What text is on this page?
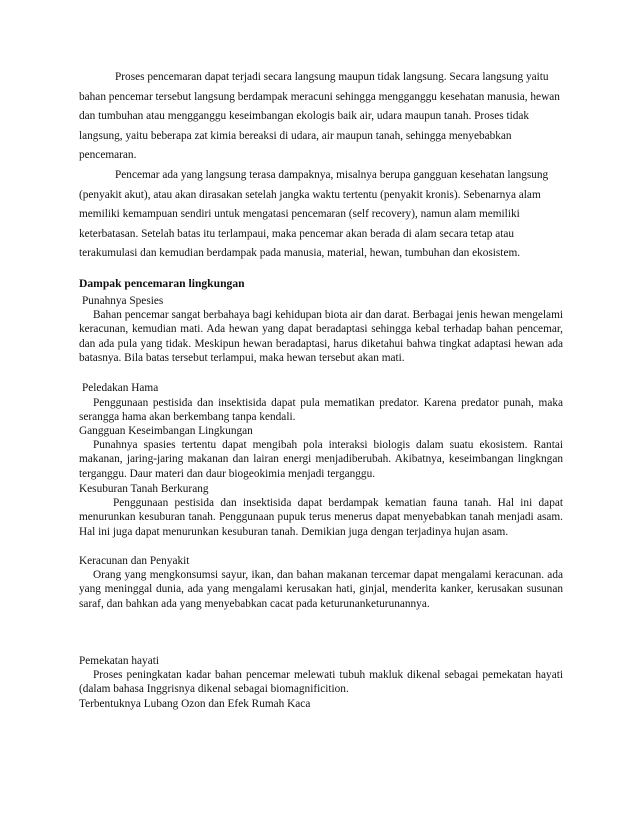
Proses pencemaran dapat terjadi secara langsung maupun tidak langsung. Secara langsung yaitu bahan pencemar tersebut langsung berdampak meracuni sehingga mengganggu kesehatan manusia, hewan dan tumbuhan atau mengganggu keseimbangan ekologis baik air, udara maupun tanah. Proses tidak langsung, yaitu beberapa zat kimia bereaksi di udara, air maupun tanah, sehingga menyebabkan pencemaran.

Pencemar ada yang langsung terasa dampaknya, misalnya berupa gangguan kesehatan langsung (penyakit akut), atau akan dirasakan setelah jangka waktu tertentu (penyakit kronis). Sebenarnya alam memiliki kemampuan sendiri untuk mengatasi pencemaran (self recovery), namun alam memiliki keterbatasan. Setelah batas itu terlampaui, maka pencemar akan berada di alam secara tetap atau terakumulasi dan kemudian berdampak pada manusia, material, hewan, tumbuhan dan ekosistem.

Dampak pencemaran lingkungan
Punahnya Spesies

Bahan pencemar sangat berbahaya bagi kehidupan biota air dan darat. Berbagai jenis hewan mengelami keracunan, kemudian mati. Ada hewan yang dapat beradaptasi sehingga kebal terhadap bahan pencemar, dan ada pula yang tidak. Meskipun hewan beradaptasi, harus diketahui bahwa tingkat adaptasi hewan ada batasnya. Bila batas tersebut terlampui, maka hewan tersebut akan mati.

Peledakan Hama

Penggunaan pestisida dan insektisida dapat pula mematikan predator. Karena predator punah, maka serangga hama akan berkembang tanpa kendali.

Gangguan Keseimbangan Lingkungan

Punahnya spasies tertentu dapat mengibah pola interaksi biologis dalam suatu ekosistem. Rantai makanan, jaring-jaring makanan dan lairan energi menjadiberubah. Akibatnya, keseimbangan lingkngan terganggu. Daur materi dan daur biogeokimia menjadi terganggu.

Kesuburan Tanah Berkurang

Penggunaan pestisida dan insektisida dapat berdampak kematian fauna tanah. Hal ini dapat menurunkan kesuburan tanah. Penggunaan pupuk terus menerus dapat menyebabkan tanah menjadi asam. Hal ini juga dapat menurunkan kesuburan tanah. Demikian juga dengan terjadinya hujan asam.

Keracunan dan Penyakit

Orang yang mengkonsumsi sayur, ikan, dan bahan makanan tercemar dapat mengalami keracunan. ada yang meninggal dunia, ada yang mengalami kerusakan hati, ginjal, menderita kanker, kerusakan susunan saraf, dan bahkan ada yang menyebabkan cacat pada keturunanketurunannya.

Pemekatan hayati

Proses peningkatan kadar bahan pencemar melewati tubuh makluk dikenal sebagai pemekatan hayati (dalam bahasa Inggrisnya dikenal sebagai biomagnificition.

Terbentuknya Lubang Ozon dan Efek Rumah Kaca
